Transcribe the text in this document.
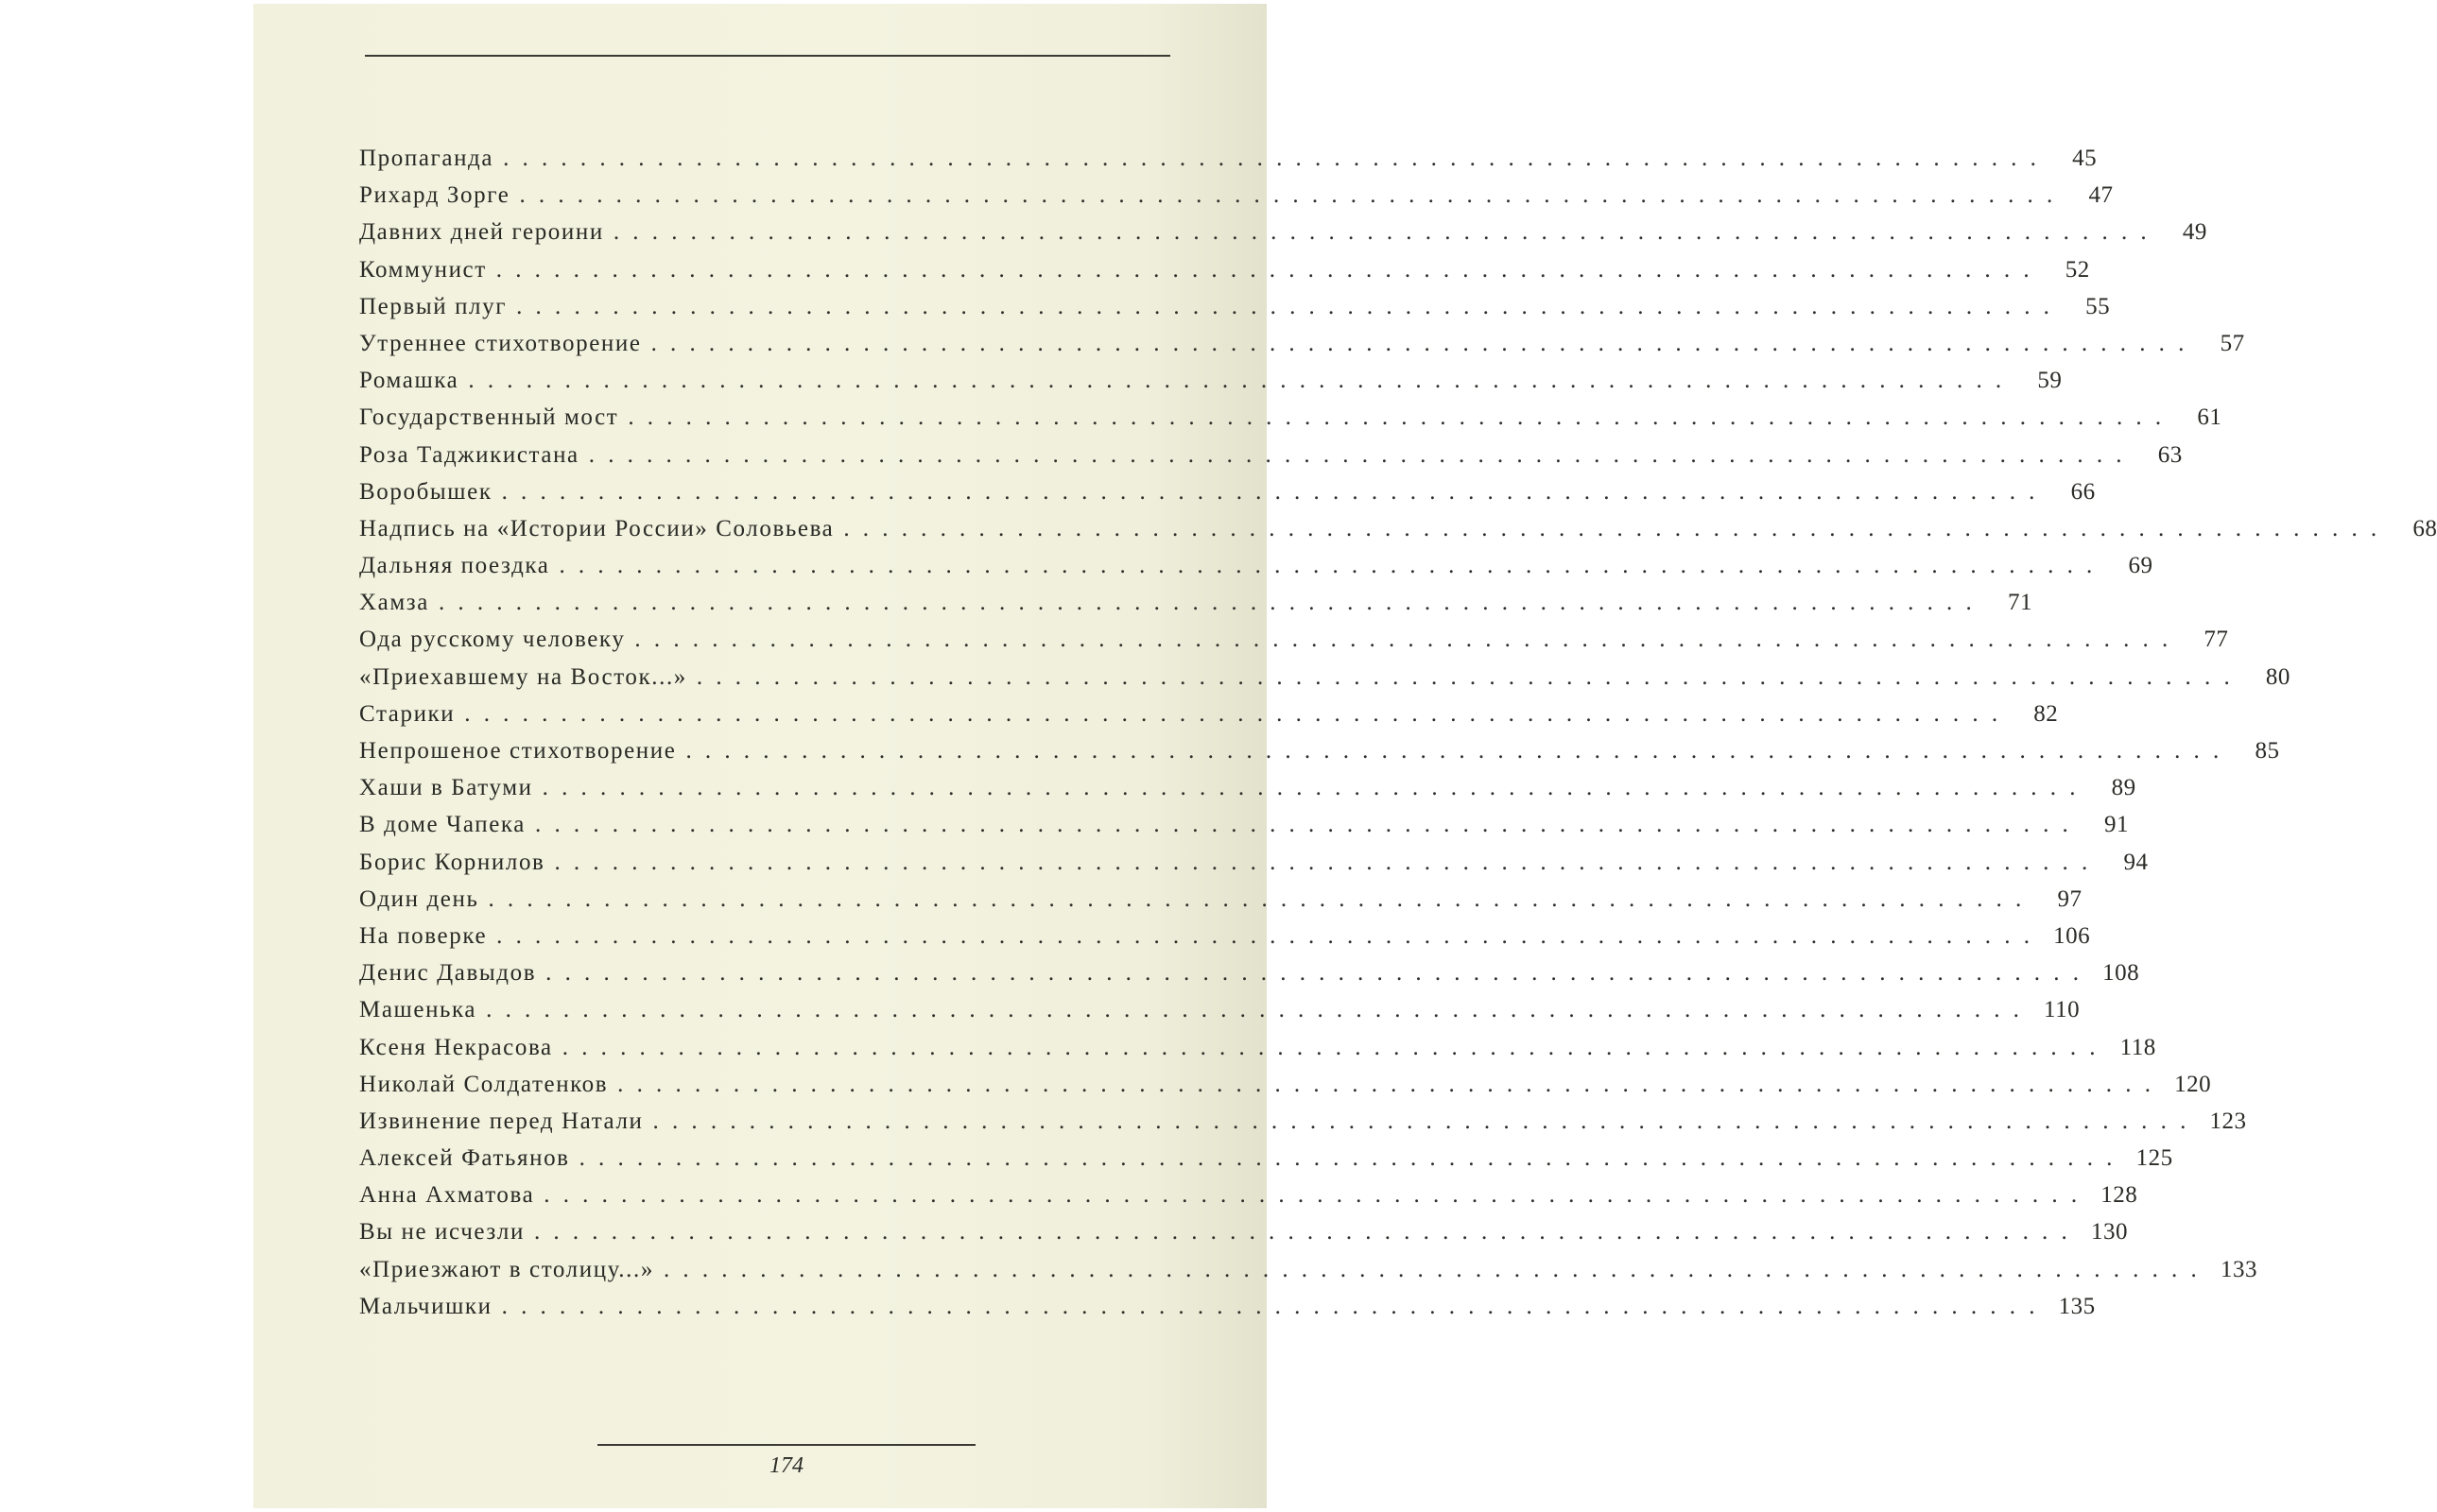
Пропаганда ................................................................................ 45
Рихард Зорге ................................................................................ 47
Давних дней героини ................................................................................ 49
Коммунист ................................................................................ 52
Первый плуг ................................................................................ 55
Утреннее стихотворение ................................................................................ 57
Ромашка ................................................................................ 59
Государственный мост ................................................................................ 61
Роза Таджикистана ................................................................................ 63
Воробышек ................................................................................ 66
Надпись на «Истории России» Соловьева ................................................................................ 68
Дальняя поездка ................................................................................ 69
Хамза ................................................................................ 71
Ода русскому человеку ................................................................................ 77
«Приехавшему на Восток...» ................................................................................ 80
Старики ................................................................................ 82
Непрошеное стихотворение ................................................................................ 85
Хаши в Батуми ................................................................................ 89
В доме Чапека ................................................................................ 91
Борис Корнилов ................................................................................ 94
Один день ................................................................................ 97
На поверке ................................................................................ 106
Денис Давыдов ................................................................................ 108
Машенька ................................................................................ 110
Ксеня Некрасова ................................................................................ 118
Николай Солдатенков ................................................................................ 120
Извинение перед Натали ................................................................................ 123
Алексей Фатьянов ................................................................................ 125
Анна Ахматова ................................................................................ 128
Вы не исчезли ................................................................................ 130
«Приезжают в столицу...» ................................................................................ 133
Мальчишки ................................................................................ 135
174
